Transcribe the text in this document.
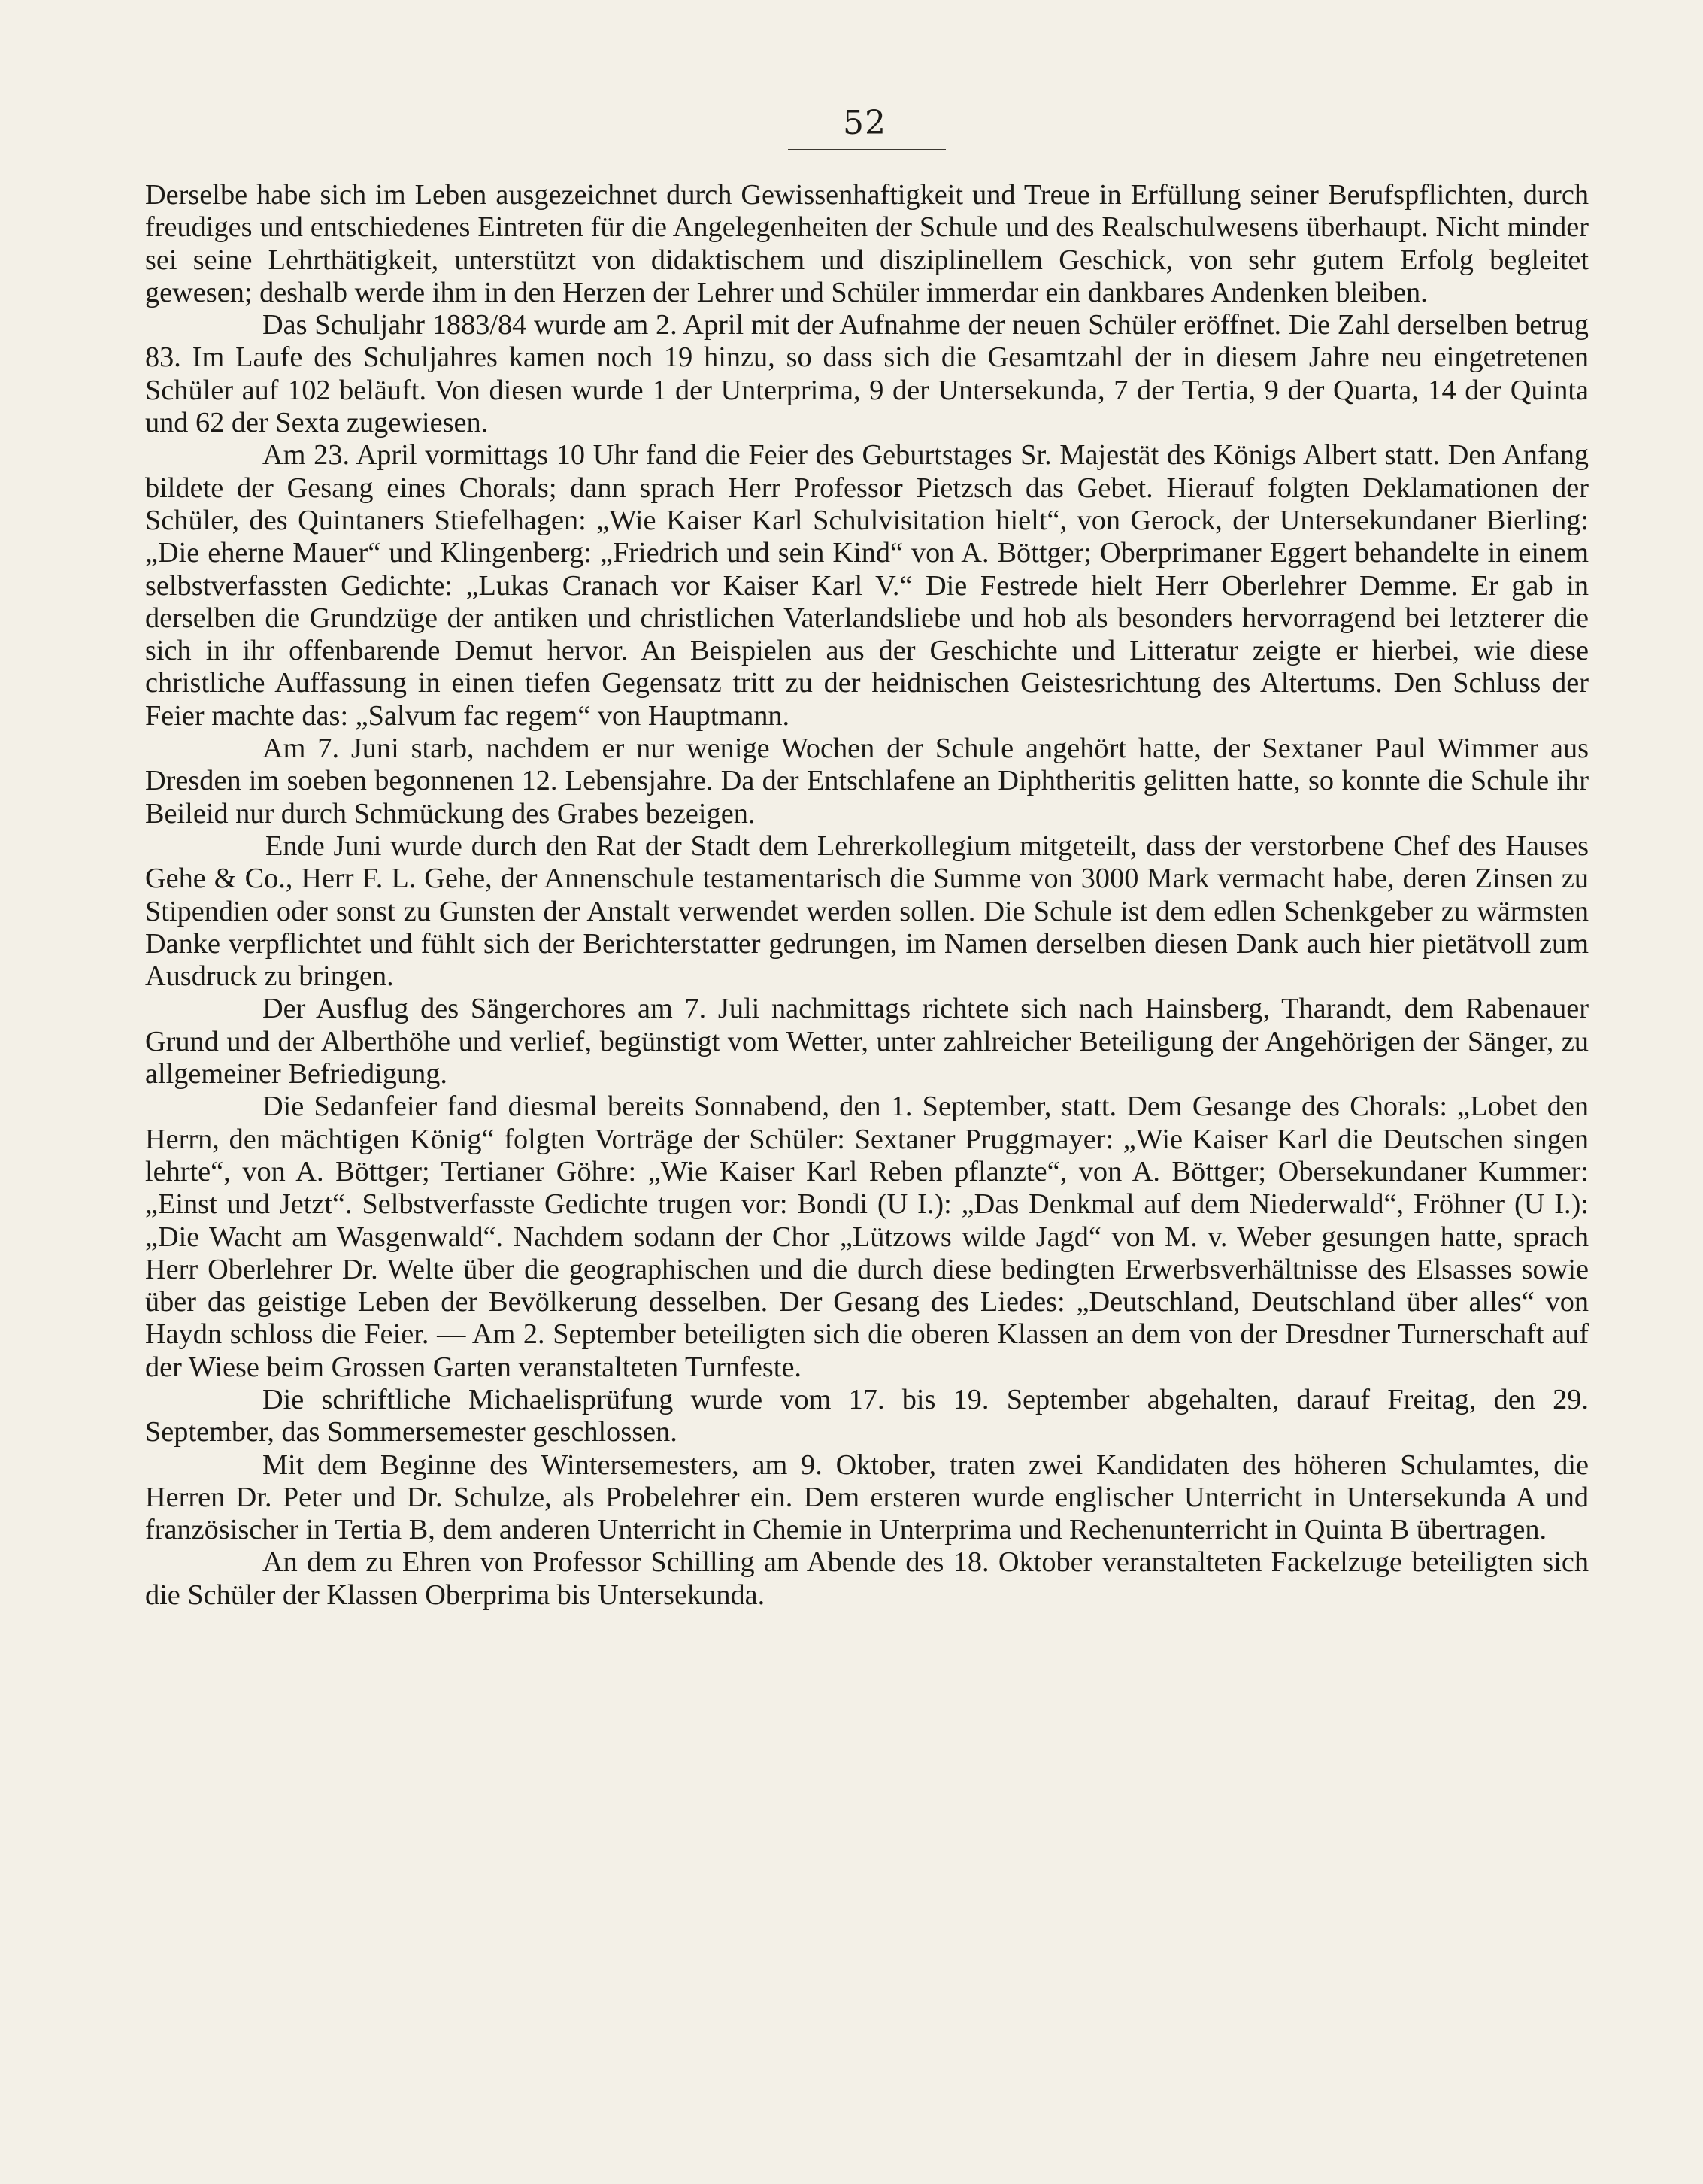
52

Derselbe habe sich im Leben ausgezeichnet durch Gewissenhaftigkeit und Treue in Erfüllung seiner Berufspflichten, durch freudiges und entschiedenes Eintreten für die Angelegenheiten der Schule und des Realschulwesens überhaupt. Nicht minder sei seine Lehrthätigkeit, unterstützt von didaktischem und disziplinellem Geschick, von sehr gutem Erfolg begleitet gewesen; deshalb werde ihm in den Herzen der Lehrer und Schüler immerdar ein dankbares Andenken bleiben.

Das Schuljahr 1883/84 wurde am 2. April mit der Aufnahme der neuen Schüler eröffnet. Die Zahl derselben betrug 83. Im Laufe des Schuljahres kamen noch 19 hinzu, so dass sich die Gesamtzahl der in diesem Jahre neu eingetretenen Schüler auf 102 beläuft. Von diesen wurde 1 der Unterprima, 9 der Untersekunda, 7 der Tertia, 9 der Quarta, 14 der Quinta und 62 der Sexta zugewiesen.

Am 23. April vormittags 10 Uhr fand die Feier des Geburtstages Sr. Majestät des Königs Albert statt. Den Anfang bildete der Gesang eines Chorals; dann sprach Herr Professor Pietzsch das Gebet. Hierauf folgten Deklamationen der Schüler, des Quintaners Stiefelhagen: „Wie Kaiser Karl Schulvisitation hielt“, von Gerock, der Untersekundaner Bierling: „Die eherne Mauer“ und Klingenberg: „Friedrich und sein Kind“ von A. Böttger; Oberprimaner Eggert behandelte in einem selbstverfassten Gedichte: „Lukas Cranach vor Kaiser Karl V.“ Die Festrede hielt Herr Oberlehrer Demme. Er gab in derselben die Grundzüge der antiken und christlichen Vaterlandsliebe und hob als besonders hervorragend bei letzterer die sich in ihr offenbarende Demut hervor. An Beispielen aus der Geschichte und Litteratur zeigte er hierbei, wie diese christliche Auffassung in einen tiefen Gegensatz tritt zu der heidnischen Geistesrichtung des Altertums. Den Schluss der Feier machte das: „Salvum fac regem“ von Hauptmann.

Am 7. Juni starb, nachdem er nur wenige Wochen der Schule angehört hatte, der Sextaner Paul Wimmer aus Dresden im soeben begonnenen 12. Lebensjahre. Da der Entschlafene an Diphtheritis gelitten hatte, so konnte die Schule ihr Beileid nur durch Schmückung des Grabes bezeigen.

Ende Juni wurde durch den Rat der Stadt dem Lehrerkollegium mitgeteilt, dass der verstorbene Chef des Hauses Gehe & Co., Herr F. L. Gehe, der Annenschule testamentarisch die Summe von 3000 Mark vermacht habe, deren Zinsen zu Stipendien oder sonst zu Gunsten der Anstalt verwendet werden sollen. Die Schule ist dem edlen Schenkgeber zu wärmsten Danke verpflichtet und fühlt sich der Berichterstatter gedrungen, im Namen derselben diesen Dank auch hier pietätvoll zum Ausdruck zu bringen.

Der Ausflug des Sängerchores am 7. Juli nachmittags richtete sich nach Hainsberg, Tharandt, dem Rabenauer Grund und der Alberthöhe und verlief, begünstigt vom Wetter, unter zahlreicher Beteiligung der Angehörigen der Sänger, zu allgemeiner Befriedigung.

Die Sedanfeier fand diesmal bereits Sonnabend, den 1. September, statt. Dem Gesange des Chorals: „Lobet den Herrn, den mächtigen König“ folgten Vorträge der Schüler: Sextaner Pruggmayer: „Wie Kaiser Karl die Deutschen singen lehrte“, von A. Böttger; Tertianer Göhre: „Wie Kaiser Karl Reben pflanzte“, von A. Böttger; Obersekundaner Kummer: „Einst und Jetzt“. Selbstverfasste Gedichte trugen vor: Bondi (U I.): „Das Denkmal auf dem Niederwald“, Fröhner (U I.): „Die Wacht am Wasgenwald“. Nachdem sodann der Chor „Lützows wilde Jagd“ von M. v. Weber gesungen hatte, sprach Herr Oberlehrer Dr. Welte über die geographischen und die durch diese bedingten Erwerbsverhältnisse des Elsasses sowie über das geistige Leben der Bevölkerung desselben. Der Gesang des Liedes: „Deutschland, Deutschland über alles“ von Haydn schloss die Feier. — Am 2. September beteiligten sich die oberen Klassen an dem von der Dresdner Turnerschaft auf der Wiese beim Grossen Garten veranstalteten Turnfeste.

Die schriftliche Michaelisprüfung wurde vom 17. bis 19. September abgehalten, darauf Freitag, den 29. September, das Sommersemester geschlossen.

Mit dem Beginne des Wintersemesters, am 9. Oktober, traten zwei Kandidaten des höheren Schulamtes, die Herren Dr. Peter und Dr. Schulze, als Probelehrer ein. Dem ersteren wurde englischer Unterricht in Untersekunda A und französischer in Tertia B, dem anderen Unterricht in Chemie in Unterprima und Rechenunterricht in Quinta B übertragen.

An dem zu Ehren von Professor Schilling am Abende des 18. Oktober veranstalteten Fackelzuge beteiligten sich die Schüler der Klassen Oberprima bis Untersekunda.
